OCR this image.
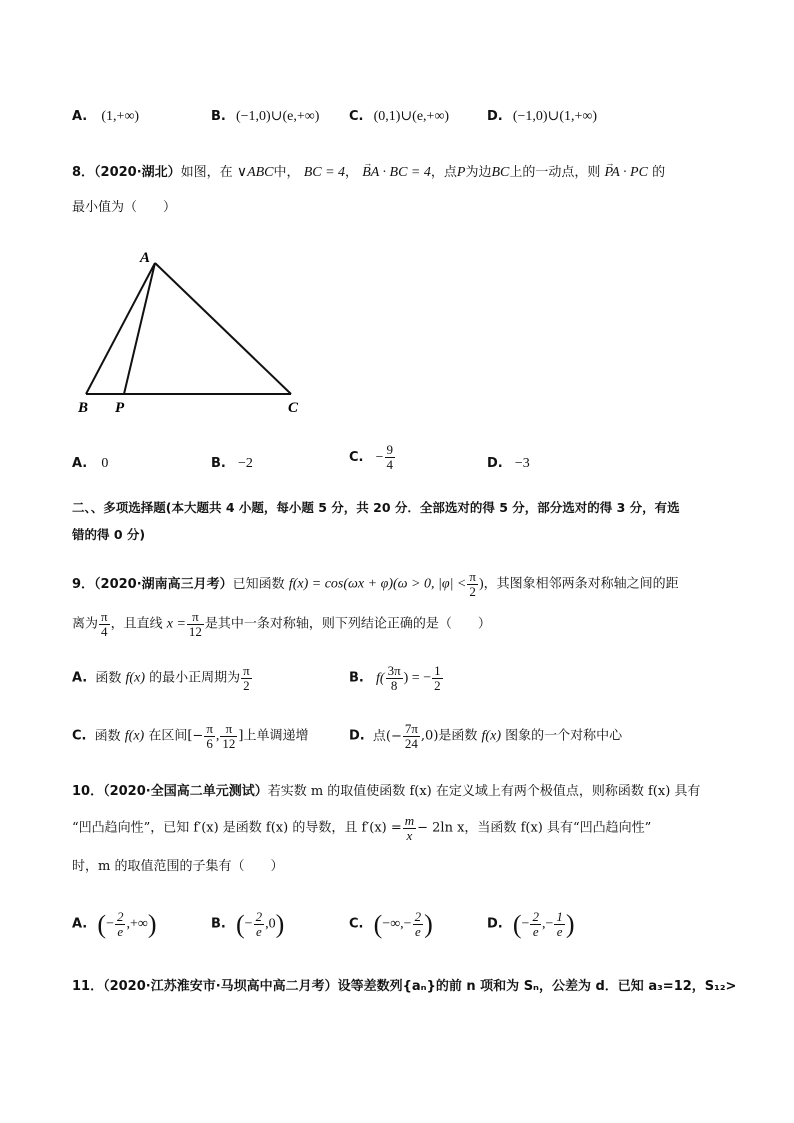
A. (1,+∞)	B. (−1,0)∪(e,+∞) C. (0,1)∪(e,+∞)	D. (−1,0)∪(1,+∞)
8．（2020·湖北）如图，在 ∨ABC中， BC = 4， → BA · BC = 4，点P为边BC上的一动点，则 → PA · PC 的
最小值为（　　）
A
B P	C
A. 0	B. −2	C. − $\frac{9}{4}$	D. −3
二、、多项选择题(本大题共 4 小题，每小题 5 分，共 20 分．全部选对的得 5 分，部分选对的得 3 分，有选
错的得 0 分)
9．（2020·湖南高三月考）已知函数 f(x) = cos(ωx + φ)(ω > 0, $|\varphi| < \frac{\pi}{2}$ )，其图象相邻两条对称轴之间的距
离为 $\frac{\pi}{4}$ ，且直线 $x = \frac{\pi}{12}$ 是其中一条对称轴，则下列结论正确的是（　　）
A. 函数 f(x) 的最小正周期为 $\frac{\pi}{2}$	B. $f( \frac{3\pi}{8}$ ) = − $\frac{1}{2}$
C. 函数 f(x) 在区间[− $\frac{\pi}{6}$ , $\frac{\pi}{12}$ ]上单调递增	D. 点(− $\frac{7\pi}{24} ,0$)是函数 f(x) 图象的一个对称中心
10．（2020·全国高二单元测试）若实数 m 的取值使函数 f(x) 在定义域上有两个极值点，则称函数 f(x) 具有
“凹凸趋向性”，已知 f′(x) 是函数 f(x) 的导数，且 $f'(x) = \frac{m}{x} - 2\ln$ x，当函数 f(x) 具有“凹凸趋向性”
时，m 的取值范围的子集有（　　）
A. (− $\frac{2}{e}$ ,+∞)	B. (− $\frac{2}{e} ,0$)	C. (−∞,− $\frac{2}{e}$ )	D. (− $\frac{2}{e}$ ,− $\frac{1}{e}$ )
11．（2020·江苏淮安市·马坝高中高二月考）设等差数列{aₙ}的前 n 项和为 Sₙ，公差为 d．已知 a₃=12，S₁₂>
